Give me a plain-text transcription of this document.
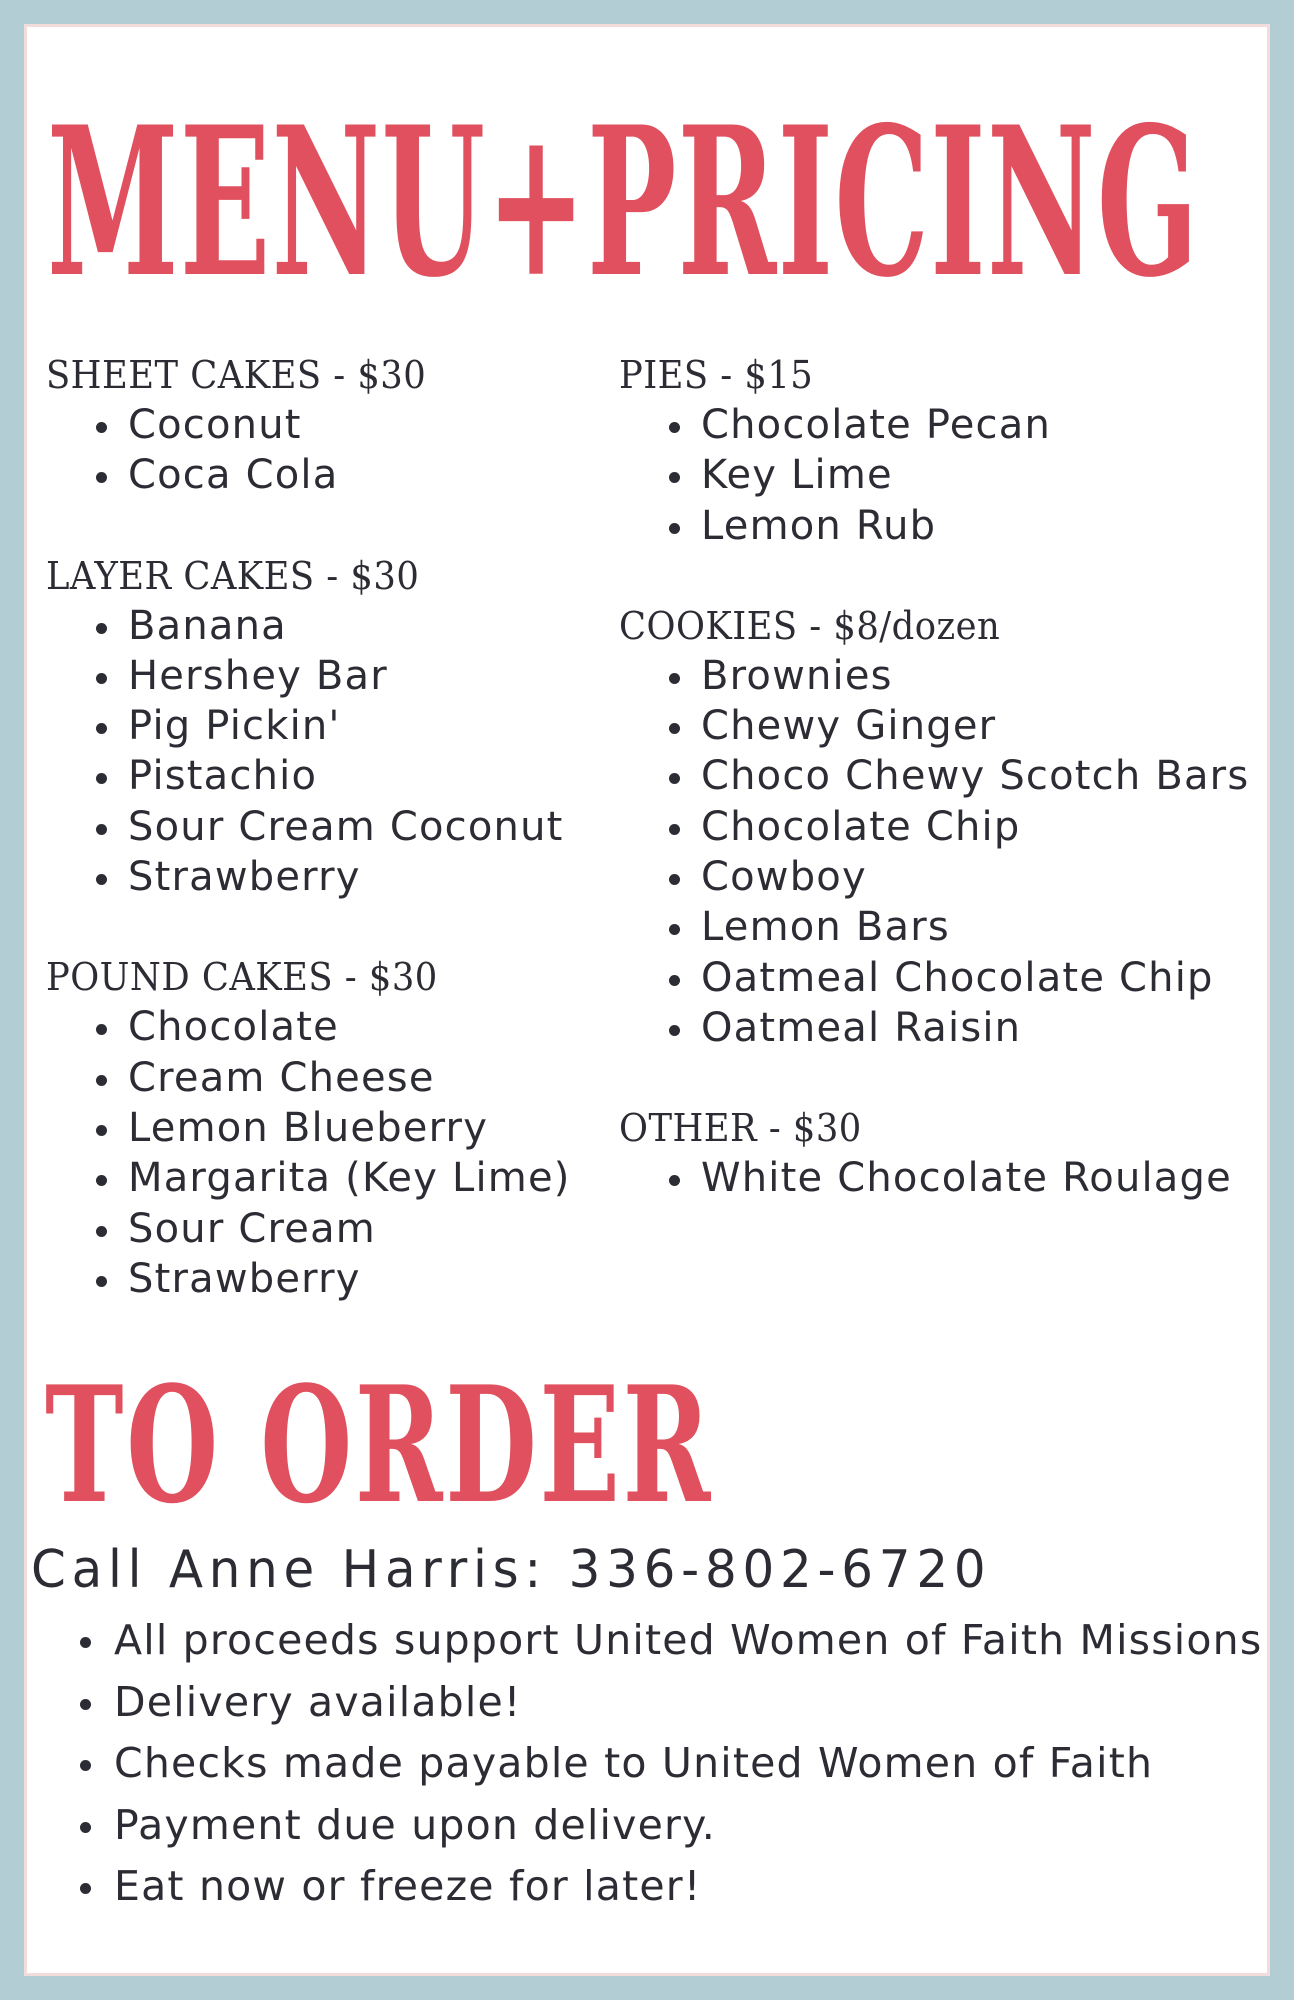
MENU+PRICING
SHEET CAKES - $30
Coconut
Coca Cola
LAYER CAKES - $30
Banana
Hershey Bar
Pig Pickin'
Pistachio
Sour Cream Coconut
Strawberry
POUND CAKES - $30
Chocolate
Cream Cheese
Lemon Blueberry
Margarita (Key Lime)
Sour Cream
Strawberry
PIES - $15
Chocolate Pecan
Key Lime
Lemon Rub
COOKIES - $8/dozen
Brownies
Chewy Ginger
Choco Chewy Scotch Bars
Chocolate Chip
Cowboy
Lemon Bars
Oatmeal Chocolate Chip
Oatmeal Raisin
OTHER - $30
White Chocolate Roulage
TO ORDER

Call Anne Harris: 336-802-6720

All proceeds support United Women of Faith Missions
Delivery available!
Checks made payable to United Women of Faith
Payment due upon delivery.
Eat now or freeze for later!
